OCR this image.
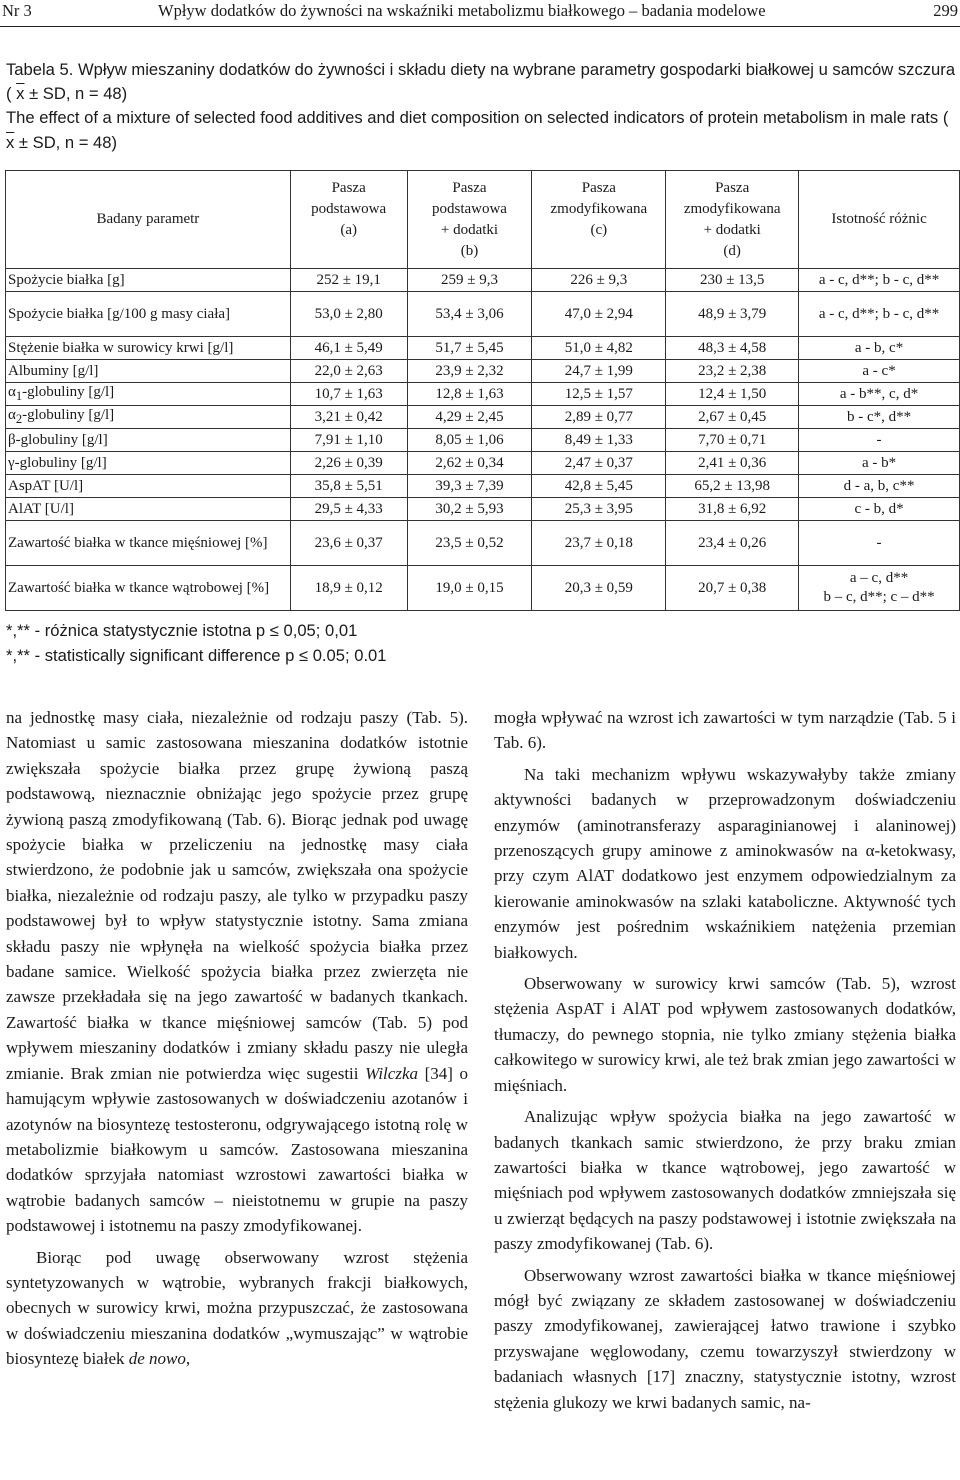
Nr 3	Wpływ dodatków do żywności na wskaźniki metabolizmu białkowego – badania modelowe	299

Tabela 5. Wpływ mieszaniny dodatków do żywności i składu diety na wybrane parametry gospodarki białkowej u samców szczura ( $\overline{x}$ ± SD, n = 48)

The effect of a mixture of selected food additives and diet composition on selected indicators of protein metabolism in male rats ( $\overline{x}$ ± SD, n = 48)

Badany parametr	Pasza
podstawowa
(a)	Pasza
podstawowa
+ dodatki
(b)	Pasza
zmodyfikowana
(c)	Pasza
zmodyfikowana
+ dodatki
(d)	Istotność różnic
Spożycie białka [g]	252 ± 19,1	259 ± 9,3	226 ± 9,3	230 ± 13,5	a - c, d**; b - c, d**
Spożycie białka [g/100 g masy ciała]	53,0 ± 2,80	53,4 ± 3,06	47,0 ± 2,94	48,9 ± 3,79	a - c, d**; b - c, d**
Stężenie białka w surowicy krwi [g/l]	46,1 ± 5,49	51,7 ± 5,45	51,0 ± 4,82	48,3 ± 4,58	a - b, c*
Albuminy [g/l]	22,0 ± 2,63	23,9 ± 2,32	24,7 ± 1,99	23,2 ± 2,38	a - c*
$\alpha_1$-globuliny [g/l]	10,7 ± 1,63	12,8 ± 1,63	12,5 ± 1,57	12,4 ± 1,50	a - b**, c, d*
$\alpha_2$-globuliny [g/l]	3,21 ± 0,42	4,29 ± 2,45	2,89 ± 0,77	2,67 ± 0,45	b - c*, d**
β-globuliny [g/l]	7,91 ± 1,10	8,05 ± 1,06	8,49 ± 1,33	7,70 ± 0,71	-
γ-globuliny [g/l]	2,26 ± 0,39	2,62 ± 0,34	2,47 ± 0,37	2,41 ± 0,36	a - b*
AspAT [U/l]	35,8 ± 5,51	39,3 ± 7,39	42,8 ± 5,45	65,2 ± 13,98	d - a, b, c**
AlAT [U/l]	29,5 ± 4,33	30,2 ± 5,93	25,3 ± 3,95	31,8 ± 6,92	c - b, d*
Zawartość białka w tkance mięśniowej [%]	23,6 ± 0,37	23,5 ± 0,52	23,7 ± 0,18	23,4 ± 0,26	-
Zawartość białka w tkance wątrobowej [%]	18,9 ± 0,12	19,0 ± 0,15	20,3 ± 0,59	20,7 ± 0,38	a – c, d**
b – c, d**; c – d**

*,** - różnica statystycznie istotna p ≤ 0,05; 0,01

*,** - statistically significant difference p ≤ 0.05; 0.01

na jednostkę masy ciała, niezależnie od rodzaju paszy (Tab. 5). Natomiast u samic zastosowana mieszanina dodatków istotnie zwiększała spożycie białka przez grupę żywioną paszą podstawową, nieznacznie obniżając jego spożycie przez grupę żywioną paszą zmodyfikowaną (Tab. 6). Biorąc jednak pod uwagę spożycie białka w przeliczeniu na jednostkę masy ciała stwierdzono, że podobnie jak u samców, zwiększała ona spożycie białka, niezależnie od rodzaju paszy, ale tylko w przypadku paszy podstawowej był to wpływ statystycznie istotny. Sama zmiana składu paszy nie wpłynęła na wielkość spożycia białka przez badane samice. Wielkość spożycia białka przez zwierzęta nie zawsze przekładała się na jego zawartość w badanych tkankach. Zawartość białka w tkance mięśniowej samców (Tab. 5) pod wpływem mieszaniny dodatków i zmiany składu paszy nie uległa zmianie. Brak zmian nie potwierdza więc sugestii Wilczka [34] o hamującym wpływie zastosowanych w doświadczeniu azotanów i azotynów na biosyntezę testosteronu, odgrywającego istotną rolę w metabolizmie białkowym u samców. Zastosowana mieszanina dodatków sprzyjała natomiast wzrostowi zawartości białka w wątrobie badanych samców – nieistotnemu w grupie na paszy podstawowej i istotnemu na paszy zmodyfikowanej.

Biorąc pod uwagę obserwowany wzrost stężenia syntetyzowanych w wątrobie, wybranych frakcji białkowych, obecnych w surowicy krwi, można przypuszczać, że zastosowana w doświadczeniu mieszanina dodatków „wymuszając” w wątrobie biosyntezę białek de nowo,

mogła wpływać na wzrost ich zawartości w tym narządzie (Tab. 5 i Tab. 6).

Na taki mechanizm wpływu wskazywałyby także zmiany aktywności badanych w przeprowadzonym doświadczeniu enzymów (aminotransferazy asparaginianowej i alaninowej) przenoszących grupy aminowe z aminokwasów na α-ketokwasy, przy czym AlAT dodatkowo jest enzymem odpowiedzialnym za kierowanie aminokwasów na szlaki kataboliczne. Aktywność tych enzymów jest pośrednim wskaźnikiem natężenia przemian białkowych.

Obserwowany w surowicy krwi samców (Tab. 5), wzrost stężenia AspAT i AlAT pod wpływem zastosowanych dodatków, tłumaczy, do pewnego stopnia, nie tylko zmiany stężenia białka całkowitego w surowicy krwi, ale też brak zmian jego zawartości w mięśniach.

Analizując wpływ spożycia białka na jego zawartość w badanych tkankach samic stwierdzono, że przy braku zmian zawartości białka w tkance wątrobowej, jego zawartość w mięśniach pod wpływem zastosowanych dodatków zmniejszała się u zwierząt będących na paszy podstawowej i istotnie zwiększała na paszy zmodyfikowanej (Tab. 6).

Obserwowany wzrost zawartości białka w tkance mięśniowej mógł być związany ze składem zastosowanej w doświadczeniu paszy zmodyfikowanej, zawierającej łatwo trawione i szybko przyswajane węglowodany, czemu towarzyszył stwierdzony w badaniach własnych [17] znaczny, statystycznie istotny, wzrost stężenia glukozy we krwi badanych samic, na-
